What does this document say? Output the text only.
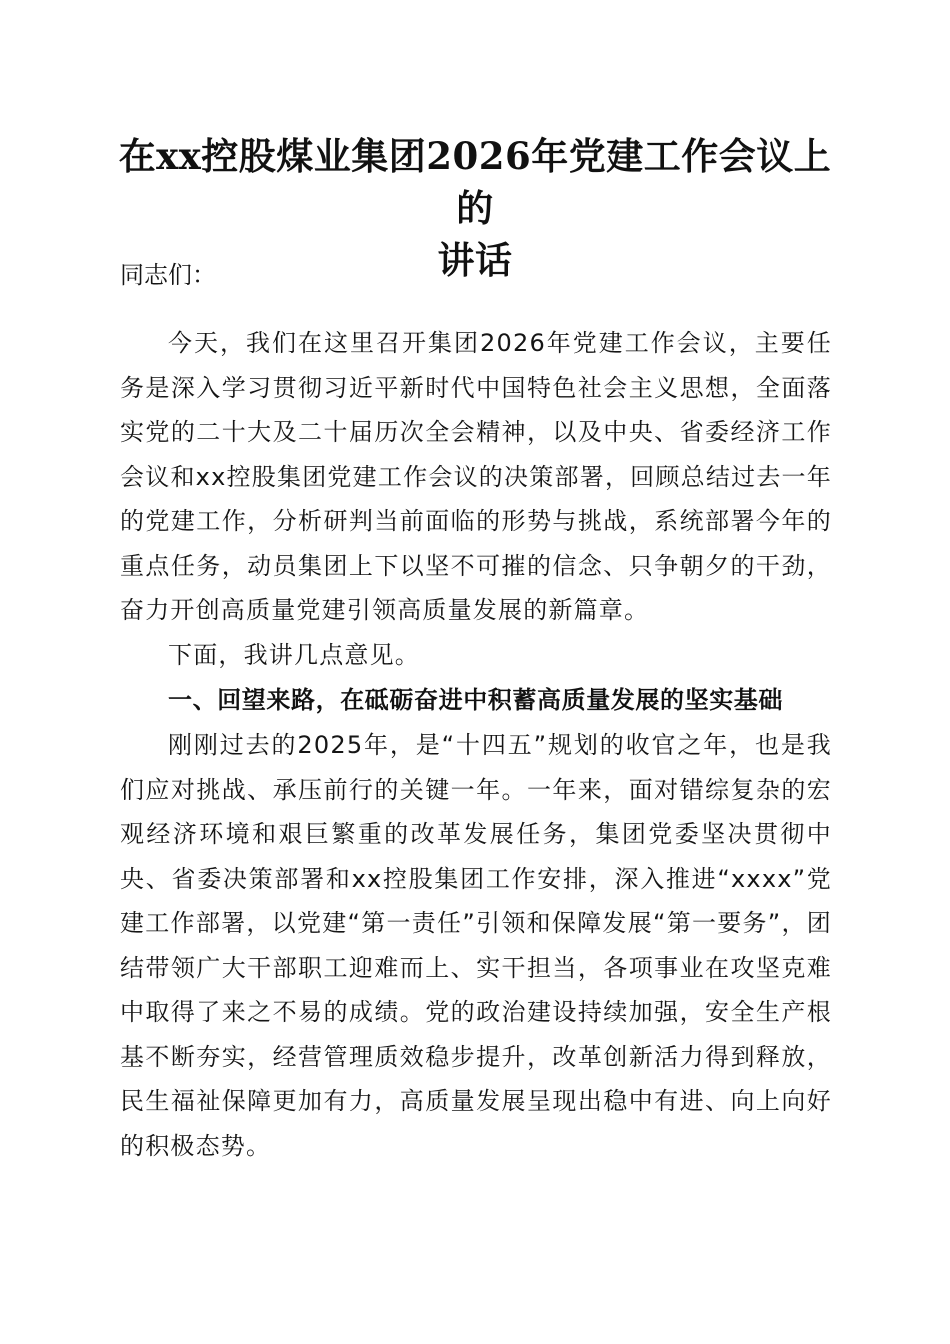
在xx控股煤业集团2026年党建工作会议上的
讲话
同志们：

今天，我们在这里召开集团2026年党建工作会议，主要任务是深入学习贯彻习近平新时代中国特色社会主义思想，全面落实党的二十大及二十届历次全会精神，以及中央、省委经济工作会议和xx控股集团党建工作会议的决策部署，回顾总结过去一年的党建工作，分析研判当前面临的形势与挑战，系统部署今年的重点任务，动员集团上下以坚不可摧的信念、只争朝夕的干劲，奋力开创高质量党建引领高质量发展的新篇章。

下面，我讲几点意见。

一、回望来路，在砥砺奋进中积蓄高质量发展的坚实基础

刚刚过去的2025年，是“十四五”规划的收官之年，也是我们应对挑战、承压前行的关键一年。一年来，面对错综复杂的宏观经济环境和艰巨繁重的改革发展任务，集团党委坚决贯彻中央、省委决策部署和xx控股集团工作安排，深入推进“xxxx”党建工作部署，以党建“第一责任”引领和保障发展“第一要务”，团结带领广大干部职工迎难而上、实干担当，各项事业在攻坚克难中取得了来之不易的成绩。党的政治建设持续加强，安全生产根基不断夯实，经营管理质效稳步提升，改革创新活力得到释放，民生福祉保障更加有力，高质量发展呈现出稳中有进、向上向好的积极态势。
